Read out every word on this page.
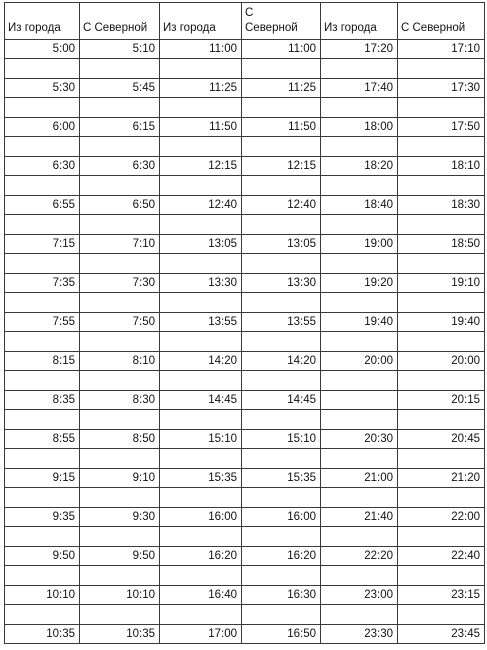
Из города	С Северной	Из города	С Северной	Из города	С Северной

5:00	5:10	11:00	11:00	17:20	17:10

5:30	5:45	11:25	11:25	17:40	17:30

6:00	6:15	11:50	11:50	18:00	17:50

6:30	6:30	12:15	12:15	18:20	18:10

6:55	6:50	12:40	12:40	18:40	18:30

7:15	7:10	13:05	13:05	19:00	18:50

7:35	7:30	13:30	13:30	19:20	19:10

7:55	7:50	13:55	13:55	19:40	19:40

8:15	8:10	14:20	14:20	20:00	20:00

8:35	8:30	14:45	14:45		20:15

8:55	8:50	15:10	15:10	20:30	20:45

9:15	9:10	15:35	15:35	21:00	21:20

9:35	9:30	16:00	16:00	21:40	22:00

9:50	9:50	16:20	16:20	22:20	22:40

10:10	10:10	16:40	16:30	23:00	23:15

10:35	10:35	17:00	16:50	23:30	23:45
